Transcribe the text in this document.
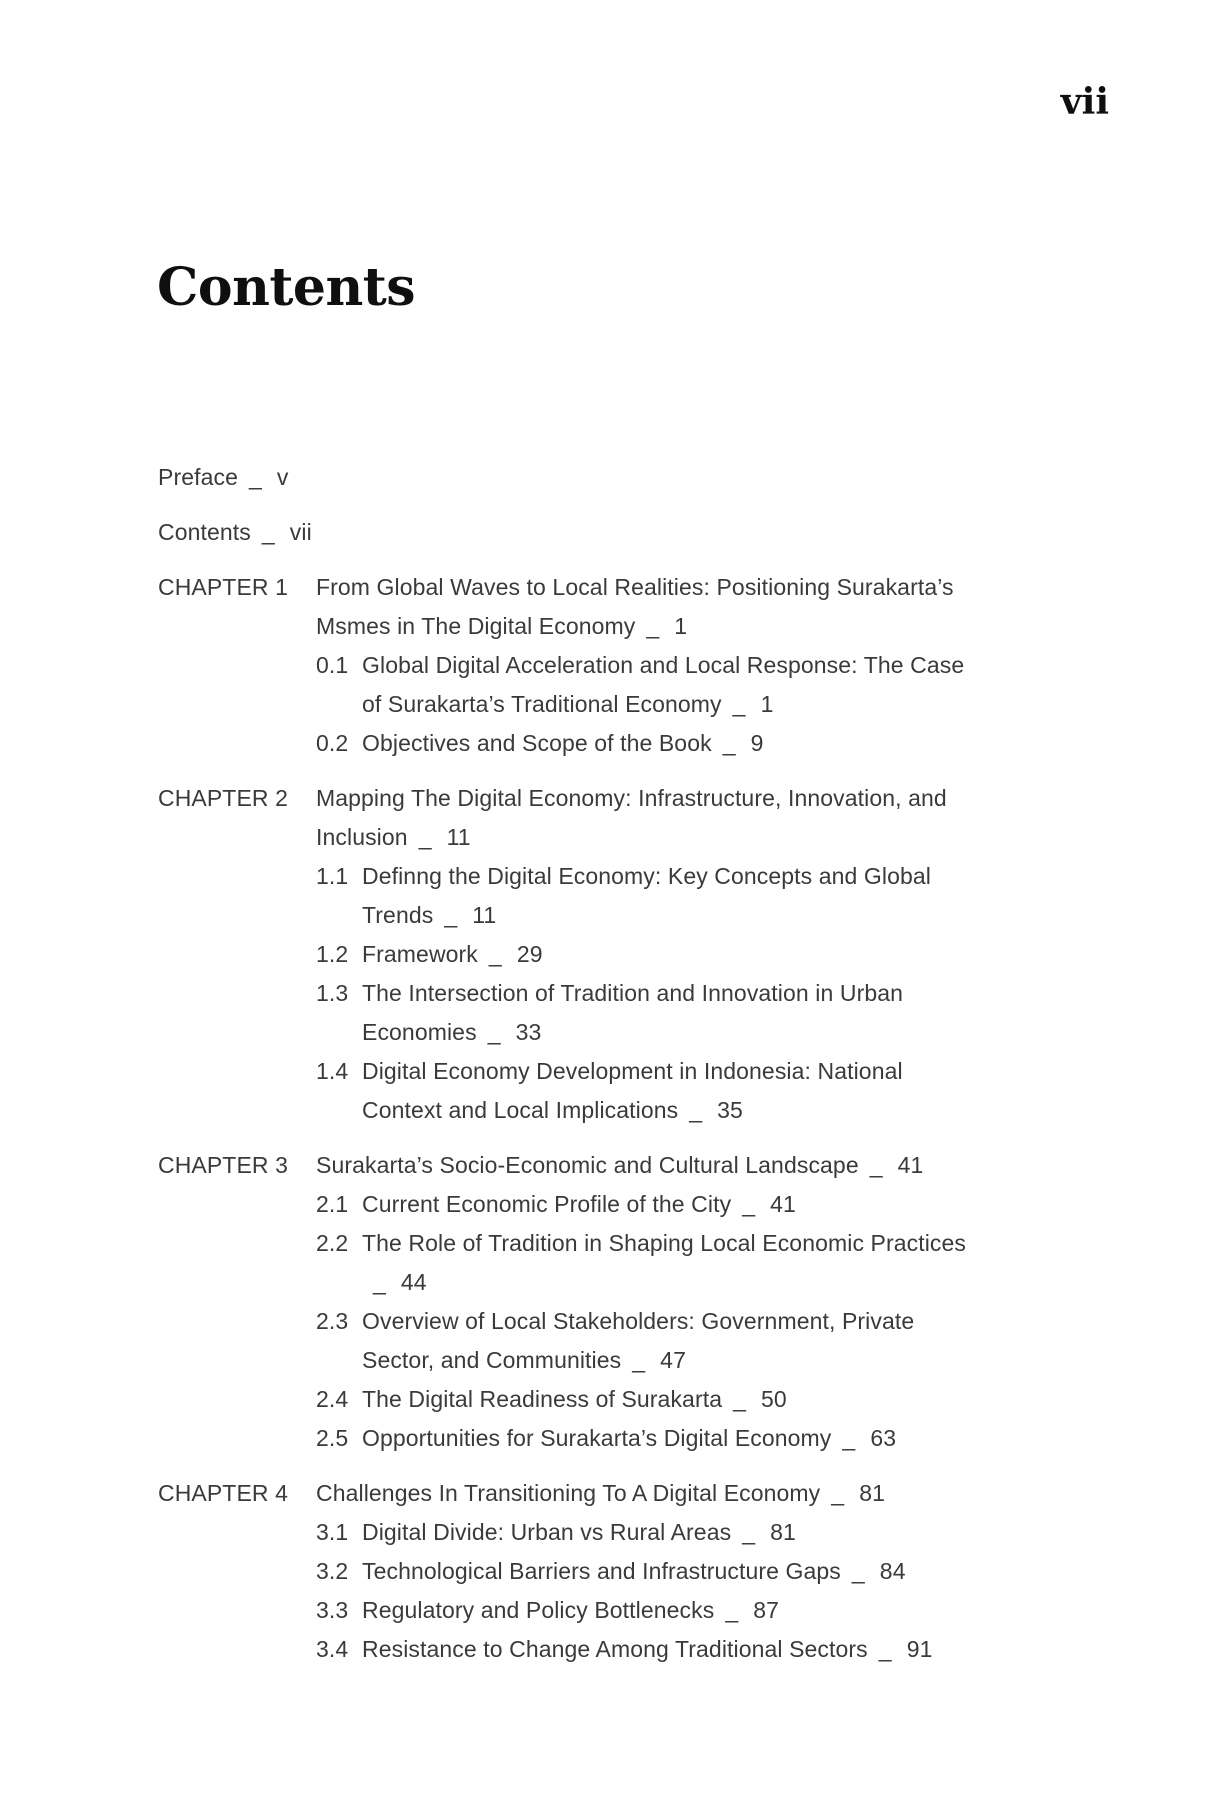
vii
Contents
Preface _ v
Contents _ vii
CHAPTER 1	From Global Waves to Local Realities: Positioning Surakarta’s
Msmes in The Digital Economy _ 1
0.1 Global Digital Acceleration and Local Response: The Case
of Surakarta’s Traditional Economy _ 1
0.2 Objectives and Scope of the Book _ 9
CHAPTER 2	Mapping The Digital Economy: Infrastructure, Innovation, and
Inclusion _ 11
1.1 Definng the Digital Economy: Key Concepts and Global
Trends _ 11
1.2 Framework _ 29
1.3 The Intersection of Tradition and Innovation in Urban
Economies _ 33
1.4 Digital Economy Development in Indonesia: National
Context and Local Implications _ 35
CHAPTER 3	Surakarta’s Socio-Economic and Cultural Landscape _ 41
2.1 Current Economic Profile of the City _ 41
2.2 The Role of Tradition in Shaping Local Economic Practices
_ 44
2.3 Overview of Local Stakeholders: Government, Private
Sector, and Communities _ 47
2.4 The Digital Readiness of Surakarta _ 50
2.5 Opportunities for Surakarta’s Digital Economy _ 63
CHAPTER 4	Challenges In Transitioning To A Digital Economy _ 81
3.1 Digital Divide: Urban vs Rural Areas _ 81
3.2 Technological Barriers and Infrastructure Gaps _ 84
3.3 Regulatory and Policy Bottlenecks _ 87
3.4 Resistance to Change Among Traditional Sectors _ 91
